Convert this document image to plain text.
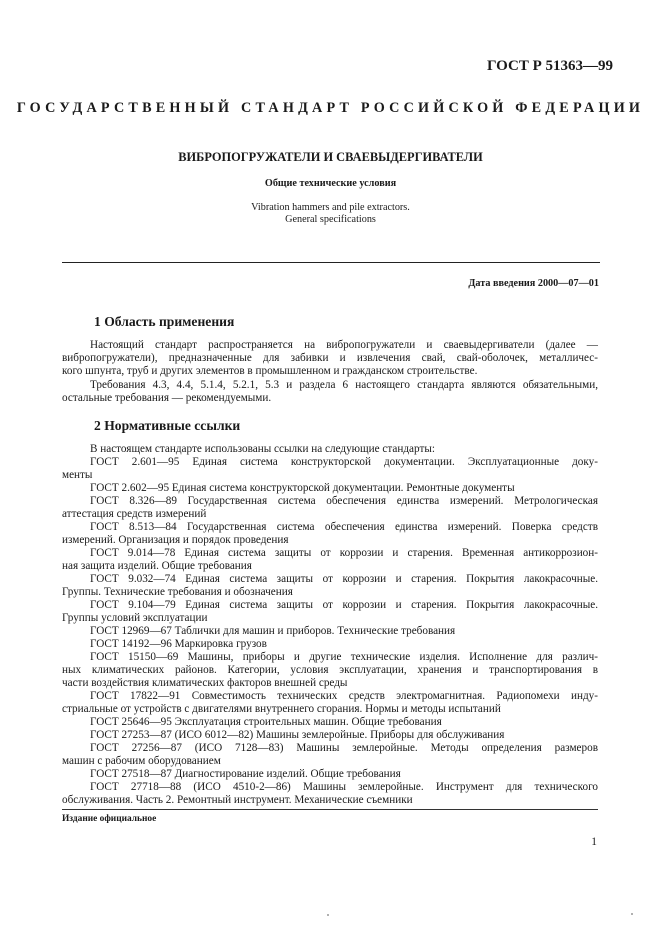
ГОСТ Р 51363—99
ГОСУДАРСТВЕННЫЙ СТАНДАРТ РОССИЙСКОЙ ФЕДЕРАЦИИ
ВИБРОПОГРУЖАТЕЛИ И СВАЕВЫДЕРГИВАТЕЛИ
Общие технические условия
Vibration hammers and pile extractors.
General specifications
Дата введения 2000—07—01
1 Область применения
Настоящий стандарт распространяется на вибропогружатели и сваевыдергиватели (далее —
вибропогружатели), предназначенные для забивки и извлечения свай, свай-оболочек, металличес-
кого шпунта, труб и других элементов в промышленном и гражданском строительстве.
Требования 4.3, 4.4, 5.1.4, 5.2.1, 5.3 и раздела 6 настоящего стандарта являются обязательными,
остальные требования — рекомендуемыми.
2 Нормативные ссылки
В настоящем стандарте использованы ссылки на следующие стандарты:
ГОСТ 2.601—95 Единая система конструкторской документации. Эксплуатационные доку-
менты
ГОСТ 2.602—95 Единая система конструкторской документации. Ремонтные документы
ГОСТ 8.326—89 Государственная система обеспечения единства измерений. Метрологическая
аттестация средств измерений
ГОСТ 8.513—84 Государственная система обеспечения единства измерений. Поверка средств
измерений. Организация и порядок проведения
ГОСТ 9.014—78 Единая система защиты от коррозии и старения. Временная антикоррозион-
ная защита изделий. Общие требования
ГОСТ 9.032—74 Единая система защиты от коррозии и старения. Покрытия лакокрасочные.
Группы. Технические требования и обозначения
ГОСТ 9.104—79 Единая система защиты от коррозии и старения. Покрытия лакокрасочные.
Группы условий эксплуатации
ГОСТ 12969—67 Таблички для машин и приборов. Технические требования
ГОСТ 14192—96 Маркировка грузов
ГОСТ 15150—69 Машины, приборы и другие технические изделия. Исполнение для различ-
ных климатических районов. Категории, условия эксплуатации, хранения и транспортирования в
части воздействия климатических факторов внешней среды
ГОСТ 17822—91 Совместимость технических средств электромагнитная. Радиопомехи инду-
стриальные от устройств с двигателями внутреннего сгорания. Нормы и методы испытаний
ГОСТ 25646—95 Эксплуатация строительных машин. Общие требования
ГОСТ 27253—87 (ИСО 6012—82) Машины землеройные. Приборы для обслуживания
ГОСТ 27256—87 (ИСО 7128—83) Машины землеройные. Методы определения размеров
машин с рабочим оборудованием
ГОСТ 27518—87 Диагностирование изделий. Общие требования
ГОСТ 27718—88 (ИСО 4510-2—86) Машины землеройные. Инструмент для технического
обслуживания. Часть 2. Ремонтный инструмент. Механические съемники
Издание официальное
1
